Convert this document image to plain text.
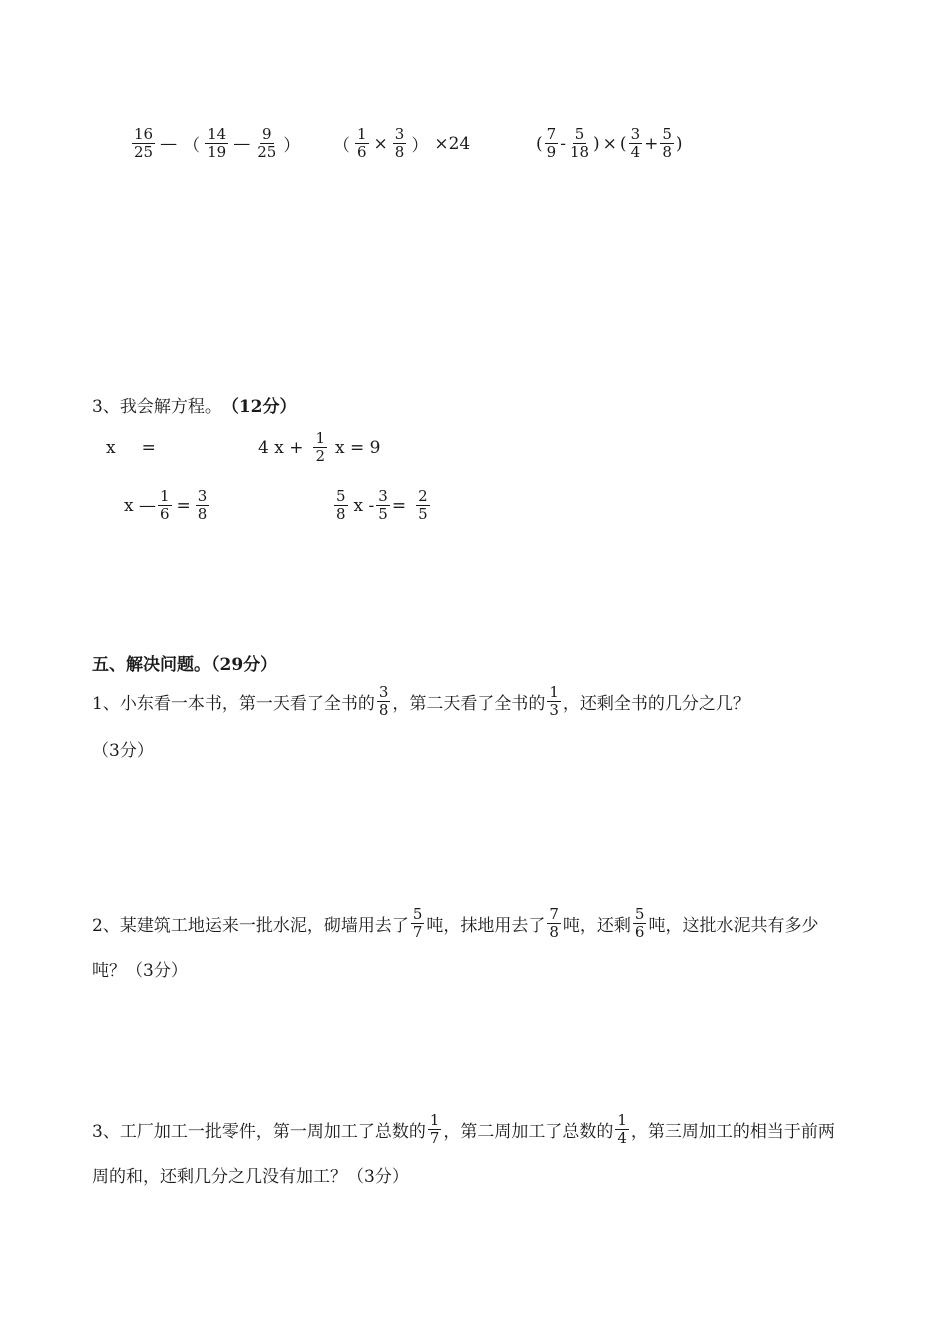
$\frac{16}{25}$ — （ $\frac{14}{19}$ — $\frac{9}{25}$ ） （ $\frac{1}{6} \times \frac{3}{8}$ ） ×24	( $\frac{7}{9} - \frac{5}{18}$ ) × ( $\frac{3}{4} + \frac{5}{8}$ )
3、我会解方程。 （12分）
x =	4 $x + \frac{1}{2}$ x = 9
x — $\frac{1}{6} = \frac{3}{8}$	$\frac{5}{8}$ $x - \frac{3}{5} = \frac{2}{5}$
五、解决问题。（29分）
1、小东看一本书，第一天看了全书的 $\frac{3}{8}$ ，第二天看了全书的 $\frac{1}{3}$ ，还剩全书的几分之几？
（3分）
2、某建筑工地运来一批水泥，砌墙用去了 $\frac{5}{7}$ 吨，抹地用去了 $\frac{7}{8}$ 吨，还剩 $\frac{5}{6}$ 吨，这批水泥共有多少
吨？（3分）
3、工厂加工一批零件，第一周加工了总数的 $\frac{1}{7}$ ，第二周加工了总数的 $\frac{1}{4}$ ，第三周加工的相当于前两
周的和，还剩几分之几没有加工？（3分）
